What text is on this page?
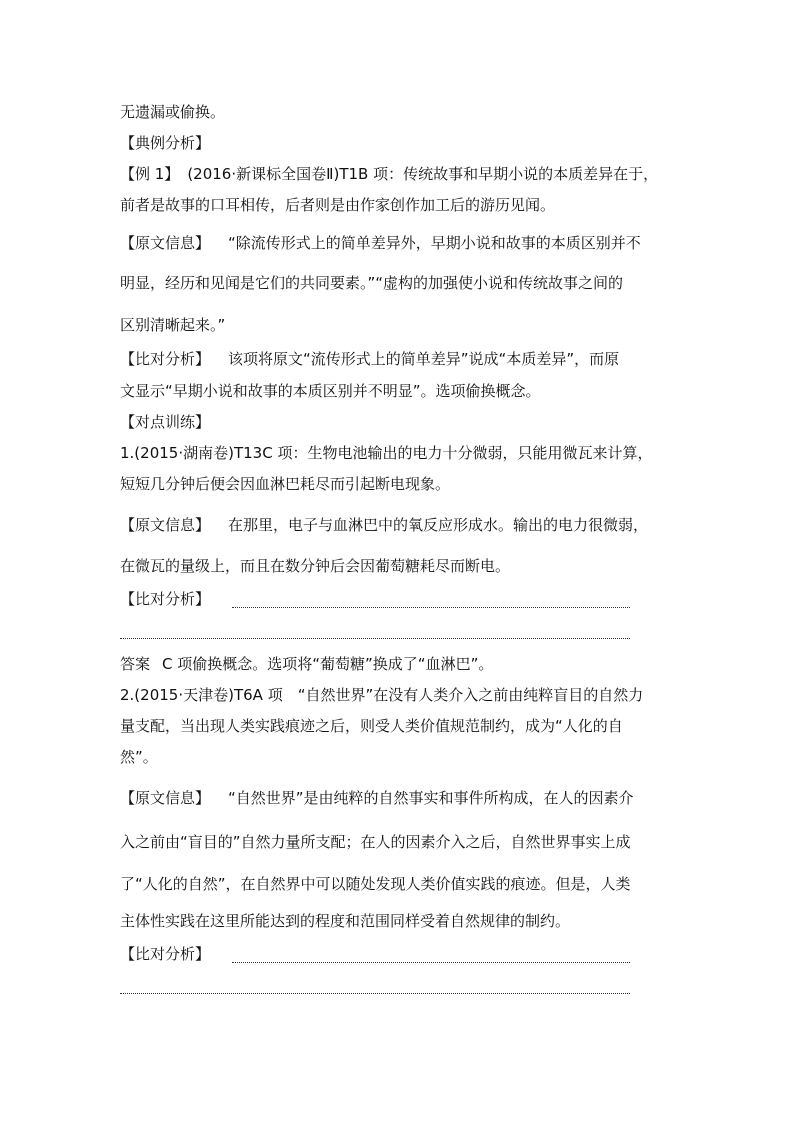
无遗漏或偷换。
【典例分析】
【例 1】 (2016·新课标全国卷Ⅱ)T1B 项：传统故事和早期小说的本质差异在于，
前者是故事的口耳相传，后者则是由作家创作加工后的游历见闻。
【原文信息】 “除流传形式上的简单差异外，早期小说和故事的本质区别并不
明显，经历和见闻是它们的共同要素。”“虚构的加强使小说和传统故事之间的
区别清晰起来。”
【比对分析】 该项将原文“流传形式上的简单差异”说成“本质差异”，而原
文显示“早期小说和故事的本质区别并不明显”。选项偷换概念。
【对点训练】
1.(2015·湖南卷)T13C 项：生物电池输出的电力十分微弱，只能用微瓦来计算，
短短几分钟后便会因血淋巴耗尽而引起断电现象。
【原文信息】 在那里，电子与血淋巴中的氧反应形成水。输出的电力很微弱，
在微瓦的量级上，而且在数分钟后会因葡萄糖耗尽而断电。
【比对分析】
答案 C 项偷换概念。选项将“葡萄糖”换成了“血淋巴”。
2.(2015·天津卷)T6A 项　“自然世界”在没有人类介入之前由纯粹盲目的自然力
量支配，当出现人类实践痕迹之后，则受人类价值规范制约，成为“人化的自
然”。
【原文信息】 “自然世界”是由纯粹的自然事实和事件所构成，在人的因素介
入之前由“盲目的”自然力量所支配；在人的因素介入之后，自然世界事实上成
了“人化的自然”，在自然界中可以随处发现人类价值实践的痕迹。但是，人类
主体性实践在这里所能达到的程度和范围同样受着自然规律的制约。
【比对分析】
